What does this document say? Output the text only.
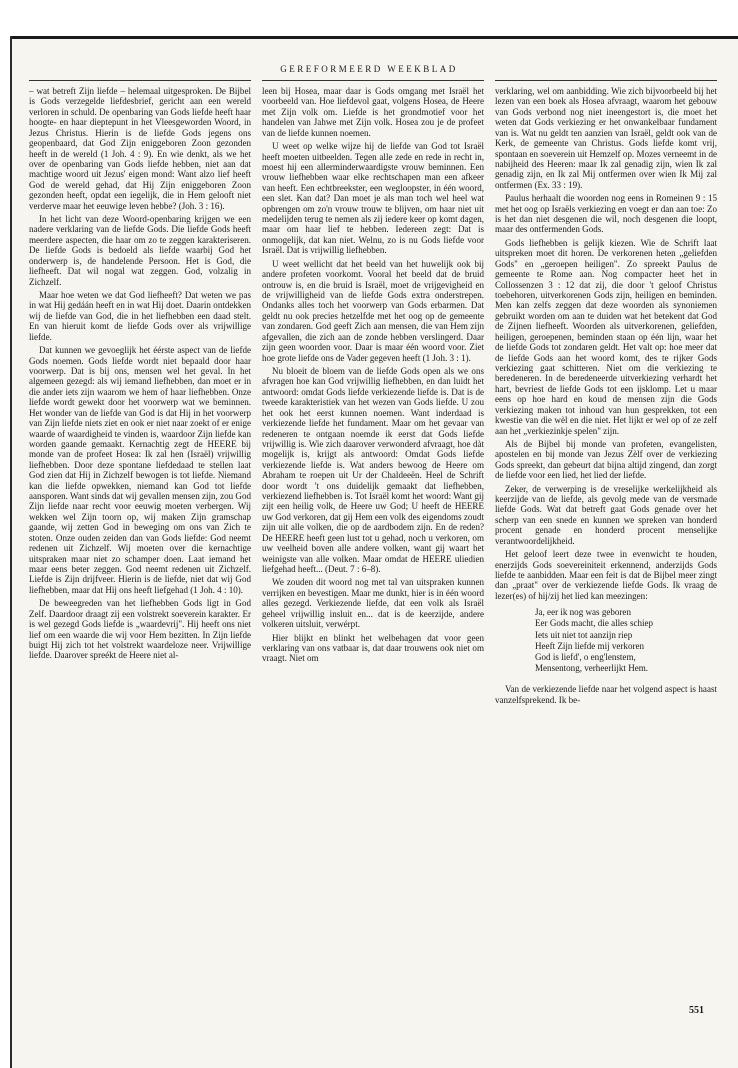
GEREFORMEERD WEEKBLAD

– wat betreft Zijn liefde – helemaal uitgesproken. De Bijbel is Gods verzegelde liefdesbrief, gericht aan een wereld verloren in schuld. De openbaring van Gods liefde heeft haar hoogte- en haar dieptepunt in het Vleesgeworden Woord, in Jezus Christus. Hierin is de liefde Gods jegens ons geopenbaard, dat God Zijn eniggeboren Zoon gezonden heeft in de wereld (1 Joh. 4 : 9). En wie denkt, als we het over de openbaring van Gods liefde hebben, niet aan dat machtige woord uit Jezus' eigen mond: Want alzo lief heeft God de wereld gehad, dat Hij Zijn eniggeboren Zoon gezonden heeft, opdat een iegelijk, die in Hem gelooft niet verderve maar het eeuwige leven hebbe? (Joh. 3 : 16).

In het licht van deze Woord-openbaring krijgen we een nadere verklaring van de liefde Gods. Die liefde Gods heeft meerdere aspecten, die haar om zo te zeggen karakteriseren. De liefde Gods is bedoeld als liefde waarbij God het onderwerp is, de handelende Persoon. Het is God, die liefheeft. Dat wil nogal wat zeggen. God, volzalig in Zichzelf.

Maar hoe weten we dat God liefheeft? Dat weten we pas in wat Hij gedáán heeft en in wat Hij doet. Daarin ontdekken wij de liefde van God, die in het liefhebben een daad stelt. En van hieruit komt de liefde Gods over als vrijwillige liefde.

Dat kunnen we gevoeglijk het éérste aspect van de liefde Gods noemen. Gods liefde wordt niet bepaald door haar voorwerp. Dat is bij ons, mensen wel het geval. In het algemeen gezegd: als wij iemand liefhebben, dan moet er in die ander iets zijn waarom we hem of haar liefhebben. Onze liefde wordt gewekt door het voorwerp wat we beminnen. Het wonder van de liefde van God is dat Hij in het voorwerp van Zijn liefde niets ziet en ook er niet naar zoekt of er enige waarde of waardigheid te vinden is, waardoor Zijn liefde kan worden gaande gemaakt. Kernachtig zegt de HEERE bij monde van de profeet Hosea: Ik zal hen (Israël) vrijwillig liefhebben. Door deze spontane liefdedaad te stellen laat God zien dat Hij in Zichzelf bewogen is tot liefde. Niemand kan die liefde opwekken, niemand kan God tot liefde aansporen. Want sinds dat wij gevallen mensen zijn, zou God Zijn liefde naar recht voor eeuwig moeten verbergen. Wij wekken wel Zijn toorn op, wij maken Zijn gramschap gaande, wij zetten God in beweging om ons van Zich te stoten. Onze ouden zeiden dan van Gods liefde: God neemt redenen uit Zichzelf. Wij moeten over die kernachtige uitspraken maar niet zo schamper doen. Laat iemand het maar eens beter zeggen. God neemt redenen uit Zichzelf. Liefde is Zijn drijfveer. Hierin is de liefde, niet dat wij God liefhebben, maar dat Hij ons heeft liefgehad (1 Joh. 4 : 10).

De beweegreden van het liefhebben Gods ligt in God Zelf. Daardoor draagt zij een volstrekt soeverein karakter. Er is wel gezegd Gods liefde is „waardevrij". Hij heeft ons niet lief om een waarde die wij voor Hem bezitten. In Zijn liefde buigt Hij zich tot het volstrekt waardeloze neer. Vrijwillige liefde. Daarover spreékt de Heere niet al-

leen bij Hosea, maar daar is Gods omgang met Israël het voorbeeld van. Hoe liefdevol gaat, volgens Hosea, de Heere met Zijn volk om. Liefde is het grondmotief voor het handelen van Jahwe met Zijn volk. Hosea zou je de profeet van de liefde kunnen noemen.

U weet op welke wijze hij de liefde van God tot Israël heeft moeten uitbeelden. Tegen alle zede en rede in recht in, moest hij een allerminderwaardigste vrouw beminnen. Een vrouw liefhebben waar elke rechtschapen man een afkeer van heeft. Een echtbreekster, een wegloopster, in één woord, een slet. Kan dat? Dan moet je als man toch wel heel wat opbrengen om zo'n vrouw trouw te blijven, om haar niet uit medelijden terug te nemen als zij iedere keer op komt dagen, maar om haar lief te hebben. Iedereen zegt: Dat is onmogelijk, dat kan niet. Welnu, zo is nu Gods liefde voor Israël. Dat is vrijwillig liefhebben.

U weet wellicht dat het beeld van het huwelijk ook bij andere profeten voorkomt. Vooral het beeld dat de bruid ontrouw is, en die bruid is Israël, moet de vrijgevigheid en de vrijwilligheid van de liefde Gods extra onderstrepen. Ondanks alles toch het voorwerp van Gods erbarmen. Dat geldt nu ook precies hetzelfde met het oog op de gemeente van zondaren. God geeft Zich aan mensen, die van Hem zijn afgevallen, die zich aan de zonde hebben verslingerd. Daar zijn geen woorden voor. Daar is maar één woord voor. Ziet hoe grote liefde ons de Vader gegeven heeft (1 Joh. 3 : 1).

Nu bloeit de bloem van de liefde Gods open als we ons afvragen hoe kan God vrijwillig liefhebben, en dan luidt het antwoord: omdat Gods liefde verkiezende liefde is. Dat is de tweede karakteristiek van het wezen van Gods liefde. U zou het ook het eerst kunnen noemen. Want inderdaad is verkiezende liefde het fundament. Maar om het gevaar van redeneren te ontgaan noemde ik eerst dat Gods liefde vrijwillig is. Wie zich daarover verwonderd afvraagt, hoe dàt mogelijk is, krijgt als antwoord: Omdat Gods liefde verkiezende liefde is. Wat anders bewoog de Heere om Abraham te roepen uit Ur der Chaldeeën. Heel de Schrift door wordt 't ons duidelijk gemaakt dat liefhebben, verkiezend liefhebben is. Tot Israël komt het woord: Want gij zijt een heilig volk, de Heere uw God; U heeft de HEERE uw God verkoren, dat gij Hem een volk des eigendoms zoudt zijn uit alle volken, die op de aardbodem zijn. En de reden? De HEERE heeft geen lust tot u gehad, noch u verkoren, om uw veelheid boven alle andere volken, want gij waart het weinigste van alle volken. Maar omdat de HEERE uliedien liefgehad heeft... (Deut. 7 : 6–8).

We zouden dit woord nog met tal van uitspraken kunnen verrijken en bevestigen. Maar me dunkt, hier is in één woord alles gezegd. Verkiezende liefde, dat een volk als Israël geheel vrijwillig insluit en... dat is de keerzijde, andere volkeren uitsluit, verwérpt.

Hier blijkt en blinkt het welbehagen dat voor geen verklaring van ons vatbaar is, dat daar trouwens ook niet om vraagt. Niet om

verklaring, wel om aanbidding. Wie zich bijvoorbeeld bij het lezen van een boek als Hosea afvraagt, waarom het gebouw van Gods verbond nog niet ineengestort is, die moet het weten dat Gods verkiezing er het onwankelbaar fundament van is. Wat nu geldt ten aanzien van Israël, geldt ook van de Kerk, de gemeente van Christus. Gods liefde komt vrij, spontaan en soeverein uit Hemzelf op. Mozes verneemt in de nabijheid des Heeren: maar Ik zal genadig zijn, wien Ik zal genadig zijn, en Ik zal Mij ontfermen over wien Ik Mij zal ontfermen (Ex. 33 : 19).

Paulus herhaalt die woorden nog eens in Romeinen 9 : 15 met het oog op Israëls verkiezing en voegt er dan aan toe: Zo is het dan niet desgenen die wil, noch desgenen die loopt, maar des ontfermenden Gods.

Gods liefhebben is gelijk kiezen. Wie de Schrift laat uitspreken moet dit horen. De verkorenen heten „geliefden Gods" en „geroepen heiligen". Zo spreekt Paulus de gemeente te Rome aan. Nog compacter heet het in Collossenzen 3 : 12 dat zij, die door 't geloof Christus toebehoren, uitverkorenen Gods zijn, heiligen en beminden. Men kan zelfs zeggen dat deze woorden als synoniemen gebruikt worden om aan te duiden wat het betekent dat God de Zijnen liefheeft. Woorden als uitverkorenen, geliefden, heiligen, geroepenen, beminden staan op één lijn, waar het de liefde Gods tot zondaren geldt. Het valt op: hoe meer dat de liefde Gods aan het woord komt, des te rijker Gods verkiezing gaat schitteren. Niet om die verkiezing te beredeneren. In de beredeneerde uitverkiezing verhardt het hart, bevriest de liefde Gods tot een ijsklomp. Let u maar eens op hoe hard en koud de mensen zijn die Gods verkiezing maken tot inhoud van hun gesprekken, tot een kwestie van die wèl en die niet. Het lijkt er wel op of ze zelf aan het „verkiezinkje spelen" zijn.

Als de Bijbel bij monde van profeten, evangelisten, apostelen en bij monde van Jezus Zèlf over de verkiezing Gods spreekt, dan gebeurt dat bijna altijd zingend, dan zorgt de liefde voor een lied, het lied der liefde.

Zeker, de verwerping is de vreselijke werkelijkheid als keerzijde van de liefde, als gevolg mede van de versmade liefde Gods. Wat dat betreft gaat Gods genade over het scherp van een snede en kunnen we spreken van honderd procent genade en honderd procent menselijke verantwoordelijkheid.

Het geloof leert deze twee in evenwicht te houden, enerzijds Gods soevereiniteit erkennend, anderzijds Gods liefde te aanbidden. Maar een feit is dat de Bijbel meer zingt dan „praat" over de verkiezende liefde Gods. Ik vraag de lezer(es) of hij/zij het lied kan meezingen:

Ja, eer ik nog was geboren
Eer Gods macht, die alles schiep
Iets uit niet tot aanzijn riep
Heeft Zijn liefde mij verkoren
God is liefd', o eng'lenstem,
Mensentong, verheerlijkt Hem.

Van de verkiezende liefde naar het volgend aspect is haast vanzelfsprekend. Ik be-

551
